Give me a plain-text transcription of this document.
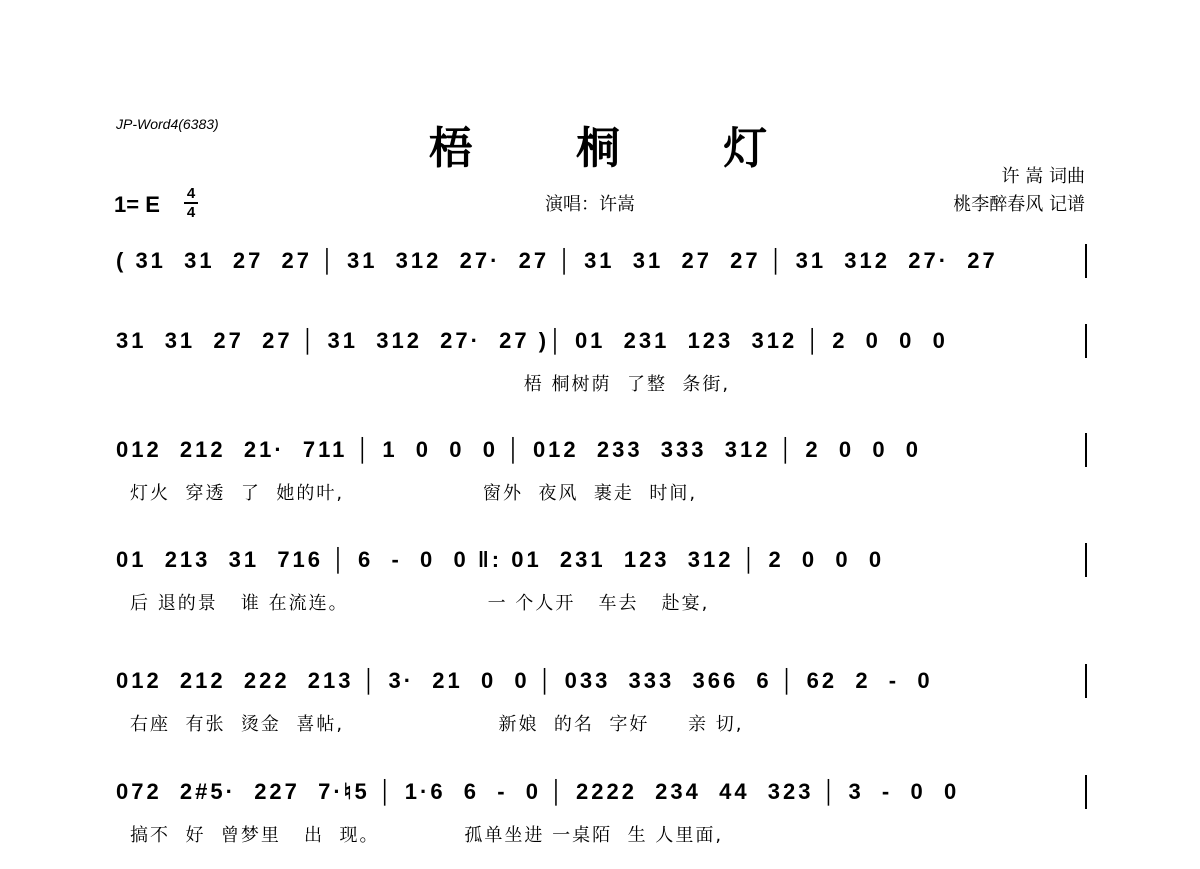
JP-Word4(6383)	梧 桐 灯
许 嵩 词曲
桃李醉春风 记谱
1= E 4
4	演唱：许嵩
( 31  31  27  27 │ 31  312  27·  27 │ 31  31  27  27 │ 31  312  27·  27
31  31  27  27 │ 31  312  27·  27 )│ 01  231  123  312 │ 2  0  0  0
梧 桐树荫  了整  条街,
012  212  21·  711 │ 1  0  0  0 │ 012  233  333  312 │ 2  0  0  0
灯火  穿透  了  她的叶,                  窗外  夜风  裹走  时间,
01  213  31  716 │ 6  -  0  0 ‖: 01  231  123  312 │ 2  0  0  0
后 退的景   谁 在流连。                  一 个人开   车去   赴宴,
012  212  222  213 │ 3·  21  0  0 │ 033  333  366  6 │ 62  2  -  0
右座  有张  烫金  喜帖,                    新娘  的名  字好     亲 切,
072  2#5·  227  7·♮5 │ 1·6  6  -  0 │ 2222  234  44  323 │ 3  -  0  0
搞不  好  曾梦里   出  现。           孤单坐进 一桌陌  生 人里面,
